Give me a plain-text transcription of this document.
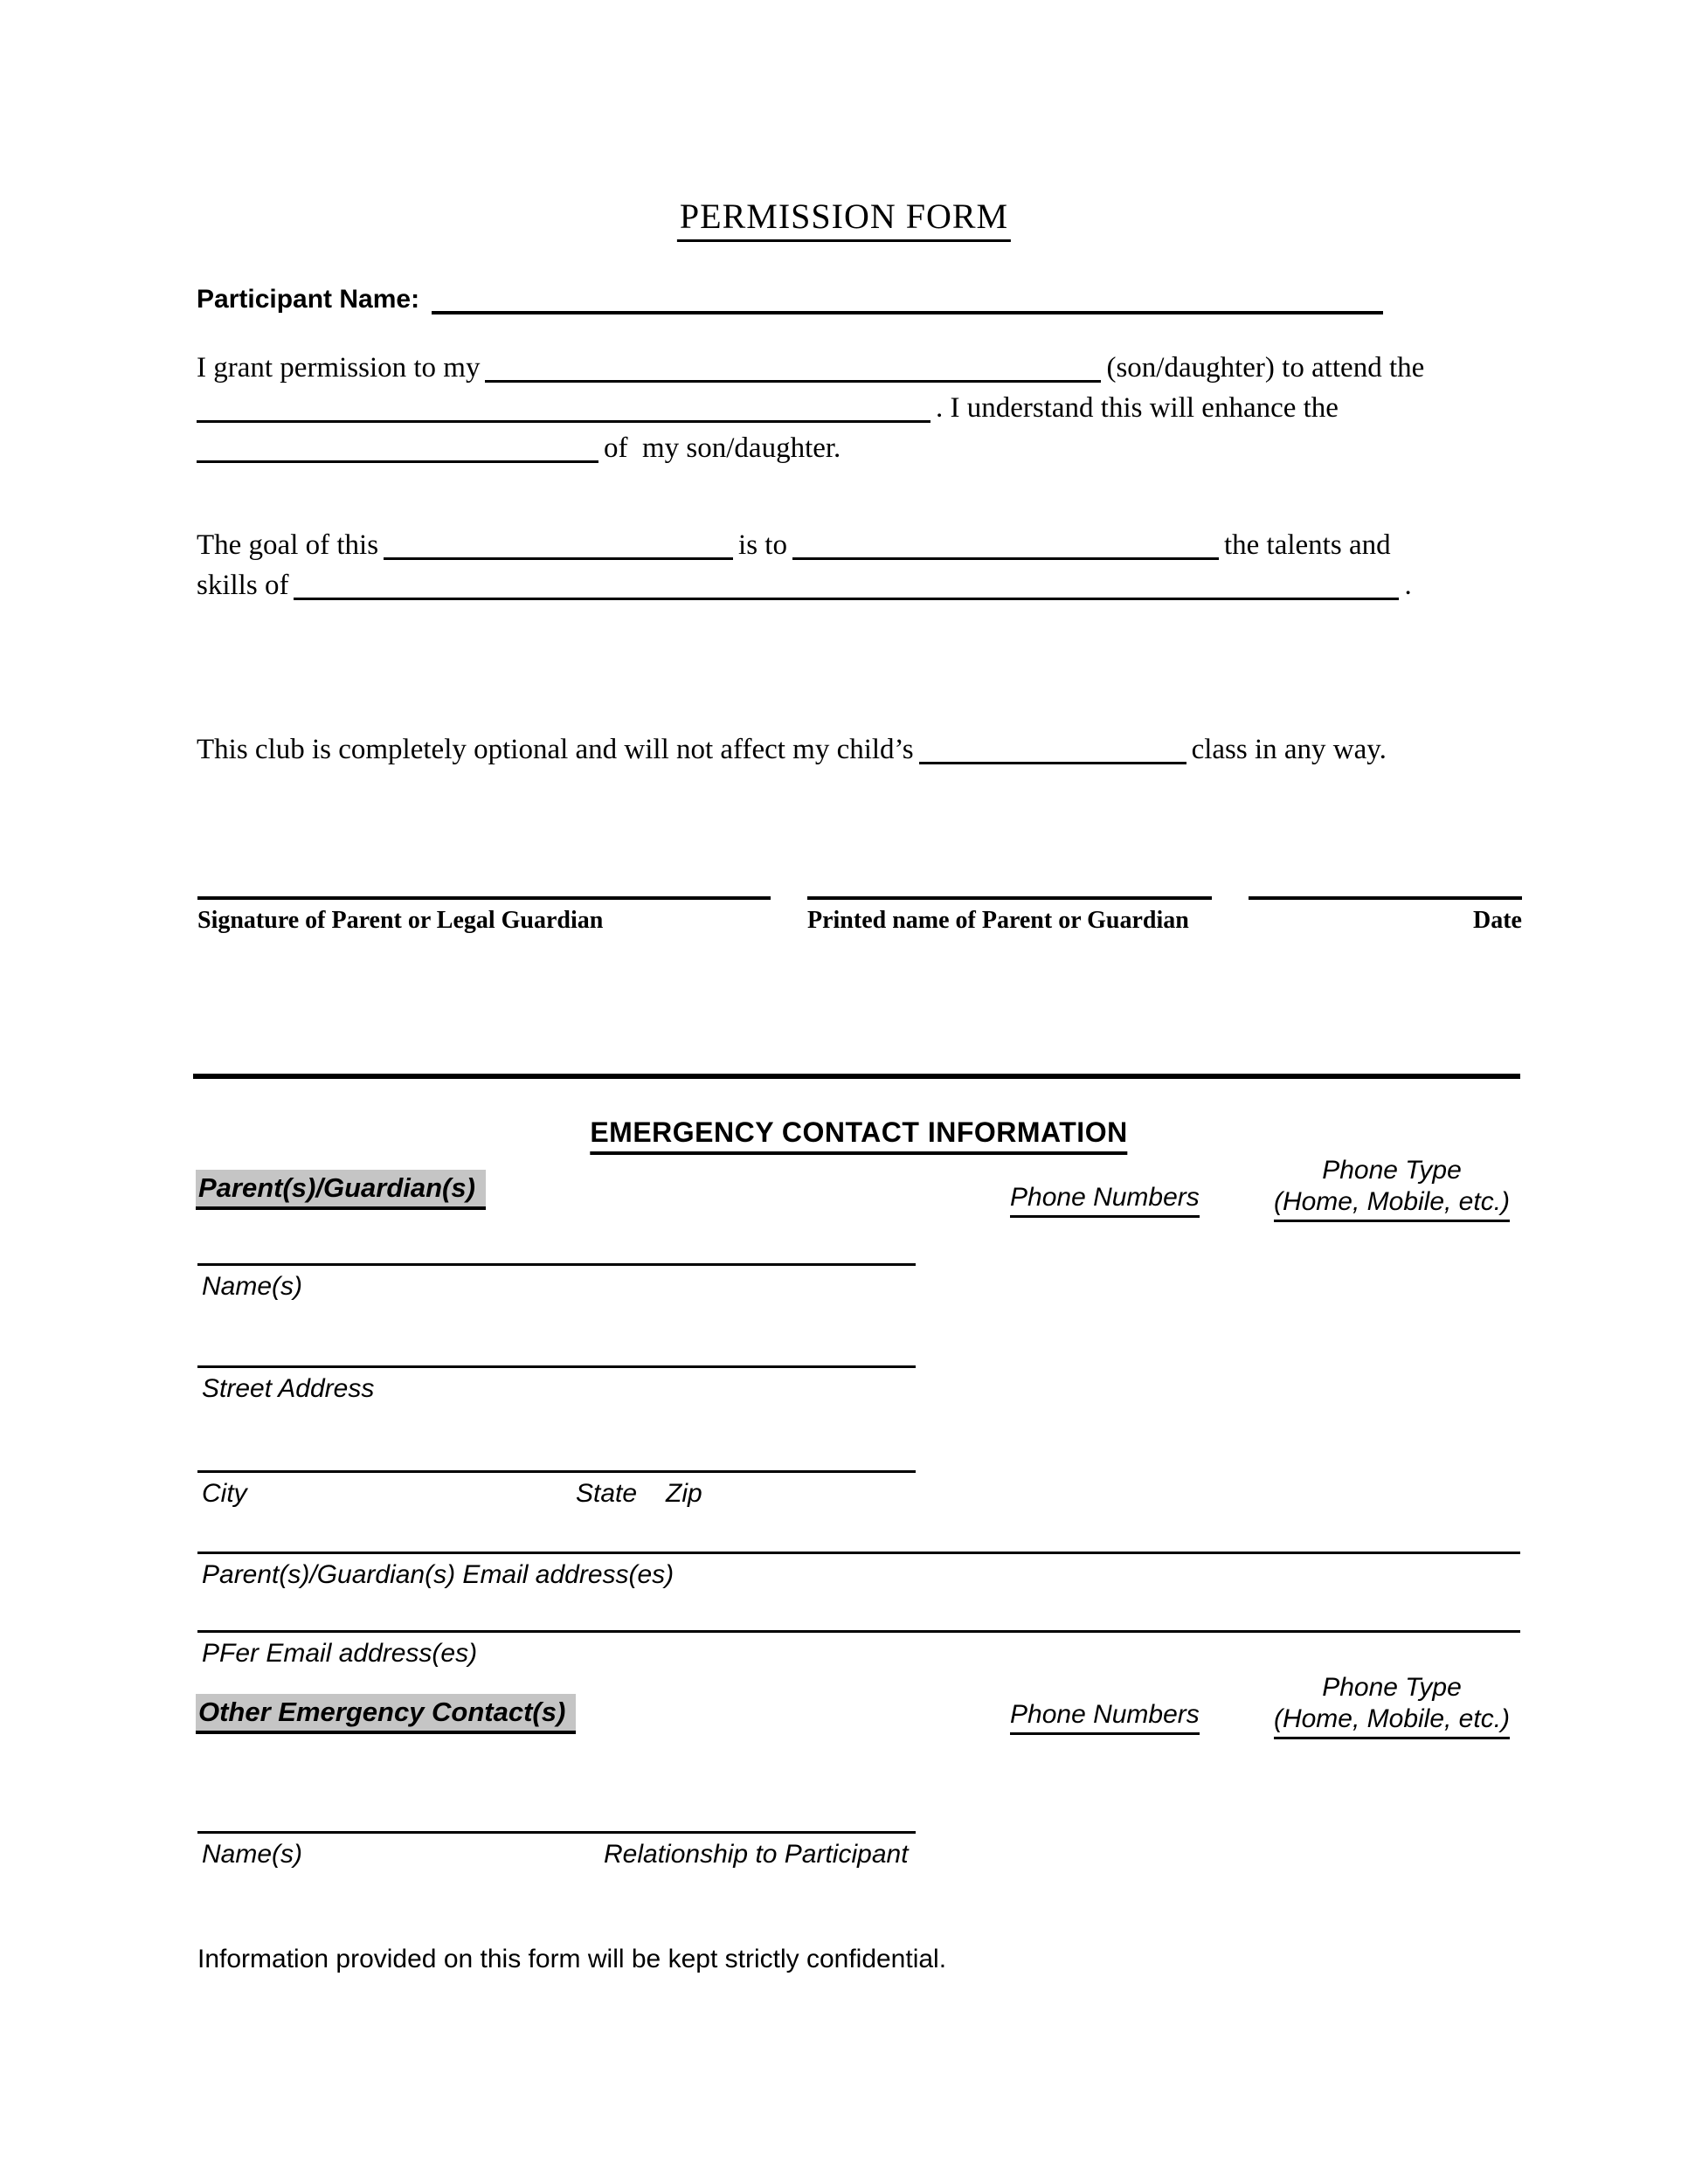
PERMISSION FORM
Participant Name:
I grant permission to my	(son/daughter) to attend the
. I understand this will enhance the
of  my son/daughter.
The goal of this	is to	the talents and
skills of	.
This club is completely optional and will not affect my child’s	class in any way.
Signature of Parent or Legal Guardian	Printed name of Parent or Guardian	Date
EMERGENCY CONTACT INFORMATION
Parent(s)/Guardian(s)	Phone Numbers
Phone Type
(Home, Mobile, etc.)
Name(s)
Street Address
City	State Zip
Parent(s)/Guardian(s) Email address(es)
PFer Email address(es)
Other Emergency Contact(s)	Phone Numbers
Phone Type
(Home, Mobile, etc.)
Name(s)	Relationship to Participant
Information provided on this form will be kept strictly confidential.
